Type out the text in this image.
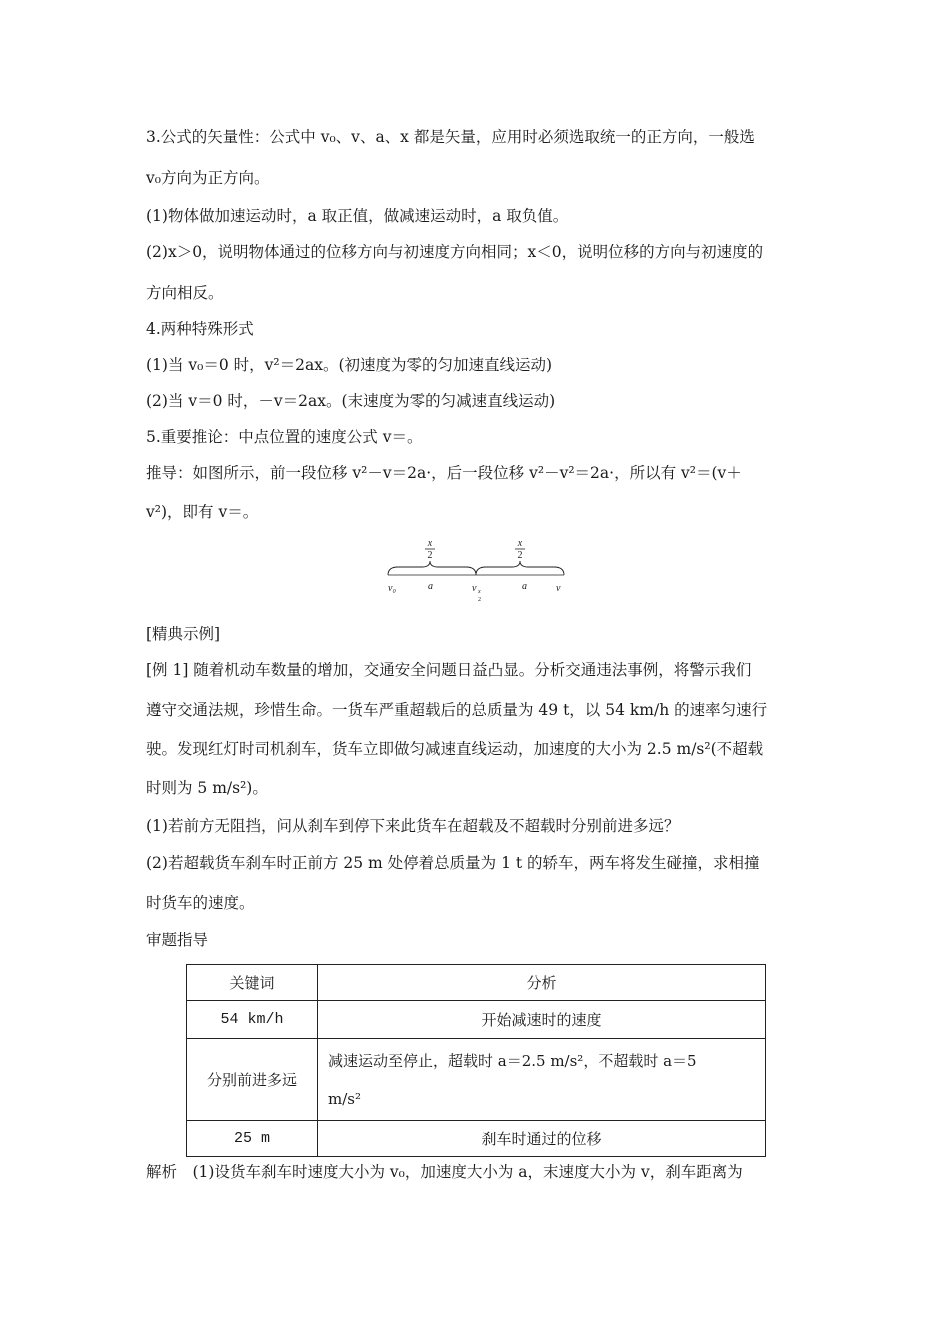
3.公式的矢量性：公式中 v₀、v、a、x 都是矢量，应用时必须选取统一的正方向，一般选
v₀方向为正方向。
(1)物体做加速运动时，a 取正值，做减速运动时，a 取负值。
(2)x＞0，说明物体通过的位移方向与初速度方向相同；x＜0，说明位移的方向与初速度的
方向相反。
4.两种特殊形式
(1)当 v₀＝0 时，v²＝2ax。(初速度为零的匀加速直线运动)
(2)当 v＝0 时，－v＝2ax。(末速度为零的匀减速直线运动)
5.重要推论：中点位置的速度公式 v＝。
推导：如图所示，前一段位移 v²－v＝2a·，后一段位移 v²－v²＝2a·，所以有 v²＝(v＋
v²)，即有 v＝。
x
2
x
2
v₀	a	v x
2
a	v
[精典示例]
[例 1] 随着机动车数量的增加，交通安全问题日益凸显。分析交通违法事例，将警示我们
遵守交通法规，珍惜生命。一货车严重超载后的总质量为 49 t，以 54 km/h 的速率匀速行
驶。发现红灯时司机刹车，货车立即做匀减速直线运动，加速度的大小为 2.5 m/s²(不超载
时则为 5 m/s²)。
(1)若前方无阻挡，问从刹车到停下来此货车在超载及不超载时分别前进多远？
(2)若超载货车刹车时正前方 25 m 处停着总质量为 1 t 的轿车，两车将发生碰撞，求相撞
时货车的速度。
审题指导
关键词	分析
54 km/h	开始减速时的速度
分别前进多远	减速运动至停止，超载时 a＝2.5 m/s²，不超载时 a＝5
m/s²

25 m	刹车时通过的位移
解析　(1)设货车刹车时速度大小为 v₀，加速度大小为 a，末速度大小为 v，刹车距离为
